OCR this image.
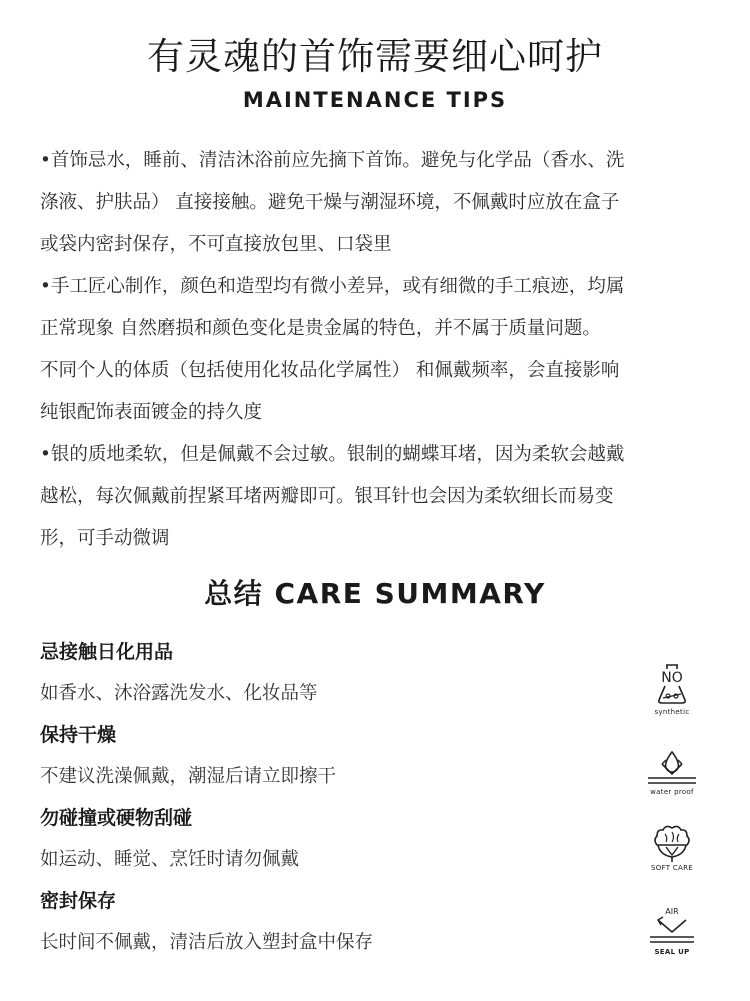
有灵魂的首饰需要细心呵护
MAINTENANCE TIPS
•首饰忌水，睡前、清洁沐浴前应先摘下首饰。避免与化学品（香水、洗
涤液、护肤品） 直接接触。避免干燥与潮湿环境，不佩戴时应放在盒子
或袋内密封保存，不可直接放包里、口袋里
•手工匠心制作，颜色和造型均有微小差异，或有细微的手工痕迹，均属
正常现象 自然磨损和颜色变化是贵金属的特色，并不属于质量问题。
不同个人的体质（包括使用化妆品化学属性） 和佩戴频率，会直接影响
纯银配饰表面镀金的持久度
•银的质地柔软，但是佩戴不会过敏。银制的蝴蝶耳堵，因为柔软会越戴
越松，每次佩戴前捏紧耳堵两瓣即可。银耳针也会因为柔软细长而易变
形，可手动微调
总结 CARE SUMMARY
忌接触日化用品
如香水、沐浴露洗发水、化妆品等
保持干燥
不建议洗澡佩戴，潮湿后请立即擦干
勿碰撞或硬物刮碰
如运动、睡觉、烹饪时请勿佩戴
密封保存
长时间不佩戴，清洁后放入塑封盒中保存
NO
synthetic
water proof
SOFT CARE
AIR
SEAL UP
